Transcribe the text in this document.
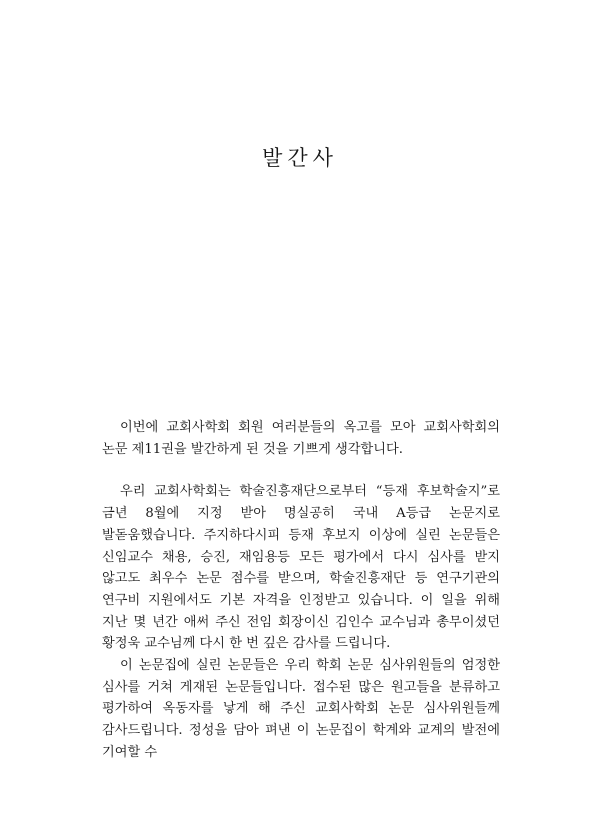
발간사

이번에 교회사학회 회원 여러분들의 옥고를 모아 교회사학회의 논문 제11권을 발간하게 된 것을 기쁘게 생각합니다.

우리 교회사학회는 학술진흥재단으로부터 “등재 후보학술지”로 금년 8월에 지정 받아 명실공히 국내 A등급 논문지로 발돋움했습니다. 주지하다시피 등재 후보지 이상에 실린 논문들은 신임교수 채용, 승진, 재임용등 모든 평가에서 다시 심사를 받지 않고도 최우수 논문 점수를 받으며, 학술진흥재단 등 연구기관의 연구비 지원에서도 기본 자격을 인정받고 있습니다. 이 일을 위해 지난 몇 년간 애써 주신 전임 회장이신 김인수 교수님과 총무이셨던 황정욱 교수님께 다시 한 번 깊은 감사를 드립니다.

이 논문집에 실린 논문들은 우리 학회 논문 심사위원들의 엄정한 심사를 거쳐 게재된 논문들입니다. 접수된 많은 원고들을 분류하고 평가하여 옥동자를 낳게 해 주신 교회사학회 논문 심사위원들께 감사드립니다. 정성을 담아 펴낸 이 논문집이 학계와 교계의 발전에 기여할 수
